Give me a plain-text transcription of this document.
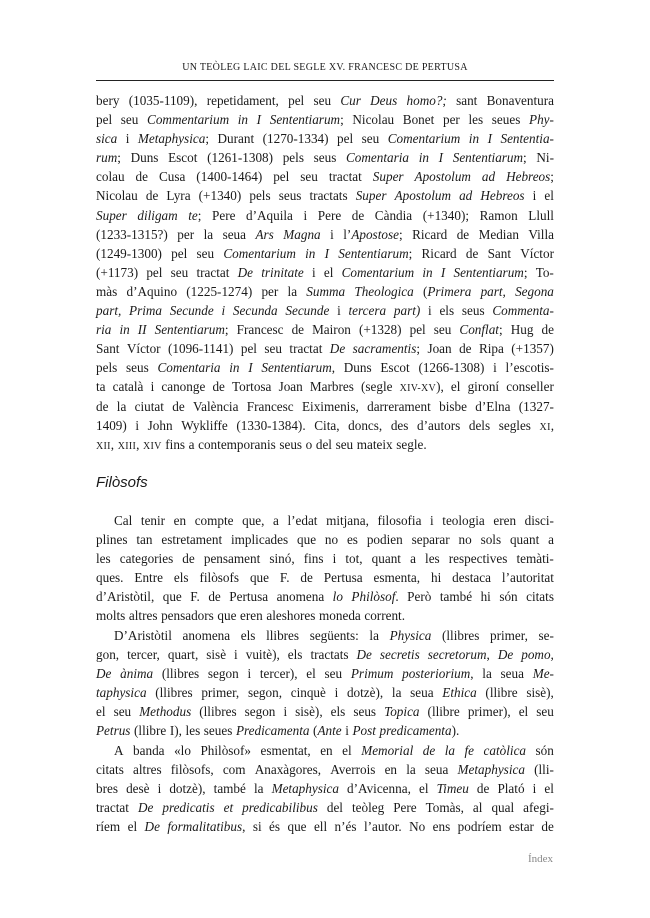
UN TEÒLEG LAIC DEL SEGLE XV. FRANCESC DE PERTUSA
bery (1035-1109), repetidament, pel seu Cur Deus homo?; sant Bonaventura
pel seu Commentarium in I Sententiarum; Nicolau Bonet per les seues Phy-
sica i Metaphysica; Durant (1270-1334) pel seu Comentarium in I Sententia-
rum; Duns Escot (1261-1308) pels seus Comentaria in I Sententiarum; Ni-
colau de Cusa (1400-1464) pel seu tractat Super Apostolum ad Hebreos;
Nicolau de Lyra (+1340) pels seus tractats Super Apostolum ad Hebreos i el
Super diligam te; Pere d’Aquila i Pere de Càndia (+1340); Ramon Llull
(1233-1315?) per la seua Ars Magna i l’Apostose; Ricard de Median Villa
(1249-1300) pel seu Comentarium in I Sententiarum; Ricard de Sant Víctor
(+1173) pel seu tractat De trinitate i el Comentarium in I Sententiarum; To-
màs d’Aquino (1225-1274) per la Summa Theologica (Primera part, Segona
part, Prima Secunde i Secunda Secunde i tercera part) i els seus Commenta-
ria in II Sententiarum; Francesc de Mairon (+1328) pel seu Conflat; Hug de
Sant Víctor (1096-1141) pel seu tractat De sacramentis; Joan de Ripa (+1357)
pels seus Comentaria in I Sententiarum, Duns Escot (1266-1308) i l’escotis-
ta català i canonge de Tortosa Joan Marbres (segle XIV-XV), el gironí conseller
de la ciutat de València Francesc Eiximenis, darrerament bisbe d’Elna (1327-
1409) i John Wykliffe (1330-1384). Cita, doncs, des d’autors dels segles XI,
XII, XIII, XIV fins a contemporanis seus o del seu mateix segle.
Filòsofs
Cal tenir en compte que, a l’edat mitjana, filosofia i teologia eren disci-
plines tan estretament implicades que no es podien separar no sols quant a
les categories de pensament sinó, fins i tot, quant a les respectives temàti-
ques. Entre els filòsofs que F. de Pertusa esmenta, hi destaca l’autoritat
d’Aristòtil, que F. de Pertusa anomena lo Philòsof. Però també hi són citats
molts altres pensadors que eren aleshores moneda corrent.
D’Aristòtil anomena els llibres següents: la Physica (llibres primer, se-
gon, tercer, quart, sisè i vuitè), els tractats De secretis secretorum, De pomo,
De ànima (llibres segon i tercer), el seu Primum posteriorium, la seua Me-
taphysica (llibres primer, segon, cinquè i dotzè), la seua Ethica (llibre sisè),
el seu Methodus (llibres segon i sisè), els seus Topica (llibre primer), el seu
Petrus (llibre I), les seues Predicamenta (Ante i Post predicamenta).
A banda «lo Philòsof» esmentat, en el Memorial de la fe catòlica són
citats altres filòsofs, com Anaxàgores, Averrois en la seua Metaphysica (lli-
bres desè i dotzè), també la Metaphysica d’Avicenna, el Timeu de Plató i el
tractat De predicatis et predicabilibus del teòleg Pere Tomàs, al qual afegi-
ríem el De formalitatibus, si és que ell n’és l’autor. No ens podríem estar de
Índex
